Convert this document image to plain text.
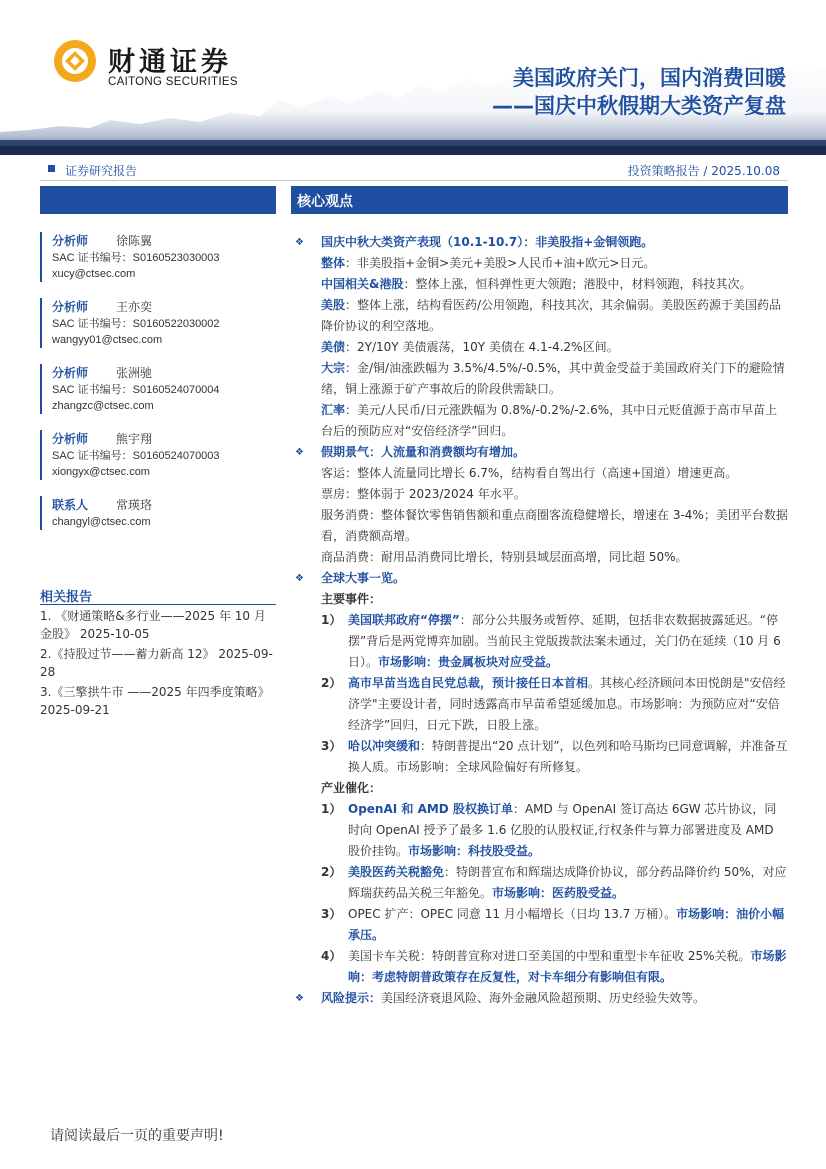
财通证券
CAITONG SECURITIES	美国政府关门，国内消费回暖
——国庆中秋假期大类资产复盘
证券研究报告	投资策略报告 / 2025.10.08
分析师 徐陈翼
SAC 证书编号：S0160523030003
xucy@ctsec.com
分析师 王亦奕
SAC 证书编号：S0160522030002
wangyy01@ctsec.com
分析师 张洲驰
SAC 证书编号：S0160524070004
zhangzc@ctsec.com
分析师 熊宇翔
SAC 证书编号：S0160524070003
xiongyx@ctsec.com
联系人 常瑛珞
changyl@ctsec.com
相关报告
1. 《财通策略&多行业——2025 年 10 月金股》 2025-10-05
2.《持股过节——蓄力新高 12》 2025-09-28
3.《三擎拱牛市 ——2025 年四季度策略》2025-09-21
核心观点
❖ 国庆中秋大类资产表现（10.1-10.7）：非美股指+金铜领跑。
整体：非美股指+金铜>美元+美股>人民币+油+欧元>日元。
中国相关&港股：整体上涨，恒科弹性更大领跑；港股中，材料领跑，科技其次。
美股：整体上涨，结构看医药/公用领跑，科技其次，其余偏弱。美股医药源于美国药品降价协议的利空落地。
美债：2Y/10Y 美债震荡，10Y 美债在 4.1-4.2%区间。
大宗：金/铜/油涨跌幅为 3.5%/4.5%/-0.5%，其中黄金受益于美国政府关门下的避险情绪，铜上涨源于矿产事故后的阶段供需缺口。
汇率：美元/人民币/日元涨跌幅为 0.8%/-0.2%/-2.6%，其中日元贬值源于高市早苗上台后的预防应对“安倍经济学”回归。
❖ 假期景气：人流量和消费额均有增加。
客运：整体人流量同比增长 6.7%，结构看自驾出行（高速+国道）增速更高。
票房：整体弱于 2023/2024 年水平。
服务消费：整体餐饮零售销售额和重点商圈客流稳健增长，增速在 3-4%；美团平台数据看，消费额高增。
商品消费：耐用品消费同比增长，特别县域层面高增，同比超 50%。
❖ 全球大事一览。
主要事件：
1） 美国联邦政府“停摆”：部分公共服务或暂停、延期，包括非农数据披露延迟。“停摆”背后是两党博弈加剧。当前民主党版拨款法案未通过，关门仍在延续（10 月 6 日）。市场影响：贵金属板块对应受益。
2） 高市早苗当选自民党总裁，预计接任日本首相。其核心经济顾问本田悦朗是"安倍经济学"主要设计者，同时透露高市早苗希望延缓加息。市场影响：为预防应对“安倍经济学”回归，日元下跌，日股上涨。
3） 哈以冲突缓和：特朗普提出“20 点计划”，以色列和哈马斯均已同意调解，并准备互换人质。市场影响：全球风险偏好有所修复。
产业催化：
1） OpenAI 和 AMD 股权换订单：AMD 与 OpenAI 签订高达 6GW 芯片协议，同时向 OpenAI 授予了最多 1.6 亿股的认股权证,行权条件与算力部署进度及 AMD 股价挂钩。市场影响：科技股受益。
2） 美股医药关税豁免：特朗普宣布和辉瑞达成降价协议，部分药品降价约 50%，对应辉瑞获药品关税三年豁免。市场影响：医药股受益。
3） OPEC 扩产：OPEC 同意 11 月小幅增长（日均 13.7 万桶）。市场影响：油价小幅承压。
4） 美国卡车关税：特朗普宣称对进口至美国的中型和重型卡车征收 25%关税。市场影响：考虑特朗普政策存在反复性，对卡车细分有影响但有限。
❖ 风险提示：美国经济衰退风险、海外金融风险超预期、历史经验失效等。
请阅读最后一页的重要声明!
